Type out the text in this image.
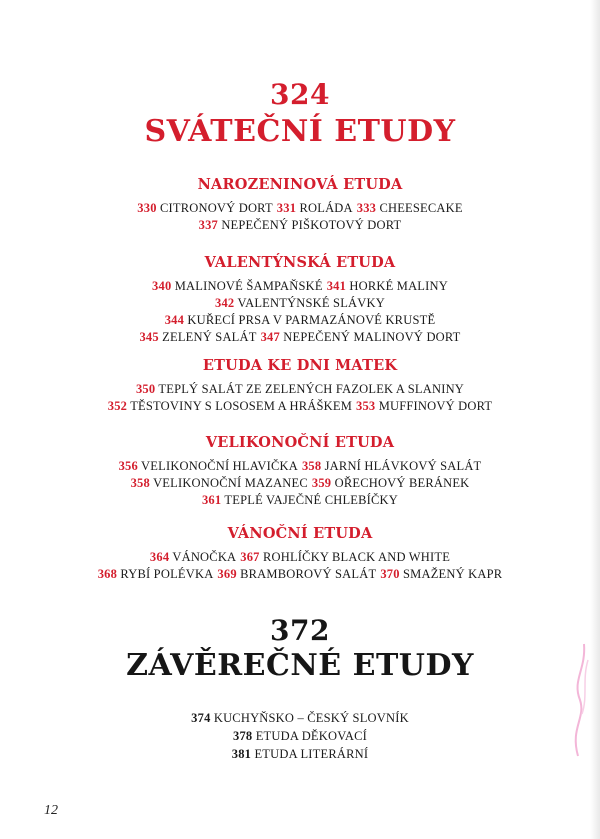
324
SVÁTEČNÍ ETUDY
NAROZENINOVÁ ETUDA
330 CITRONOVÝ DORT 331 ROLÁDA 333 CHEESECAKE
337 NEPEČENÝ PIŠKOTOVÝ DORT
VALENTÝNSKÁ ETUDA
340 MALINOVÉ ŠAMPAŇSKÉ 341 HORKÉ MALINY
342 VALENTÝNSKÉ SLÁVKY
344 KUŘECÍ PRSA V PARMAZÁNOVÉ KRUSTĚ
345 ZELENÝ SALÁT 347 NEPEČENÝ MALINOVÝ DORT
ETUDA KE DNI MATEK
350 TEPLÝ SALÁT ZE ZELENÝCH FAZOLEK A SLANINY
352 TĚSTOVINY S LOSOSEM A HRÁŠKEM 353 MUFFINOVÝ DORT
VELIKONOČNÍ ETUDA
356 VELIKONOČNÍ HLAVIČKA 358 JARNÍ HLÁVKOVÝ SALÁT
358 VELIKONOČNÍ MAZANEC 359 OŘECHOVÝ BERÁNEK
361 TEPLÉ VAJEČNÉ CHLEBÍČKY
VÁNOČNÍ ETUDA
364 VÁNOČKA 367 ROHLÍČKY BLACK AND WHITE
368 RYBÍ POLÉVKA 369 BRAMBOROVÝ SALÁT 370 SMAŽENÝ KAPR
372
ZÁVĚREČNÉ ETUDY
374 KUCHYŇSKO – ČESKÝ SLOVNÍK
378 ETUDA DĚKOVACÍ
381 ETUDA LITERÁRNÍ
12
